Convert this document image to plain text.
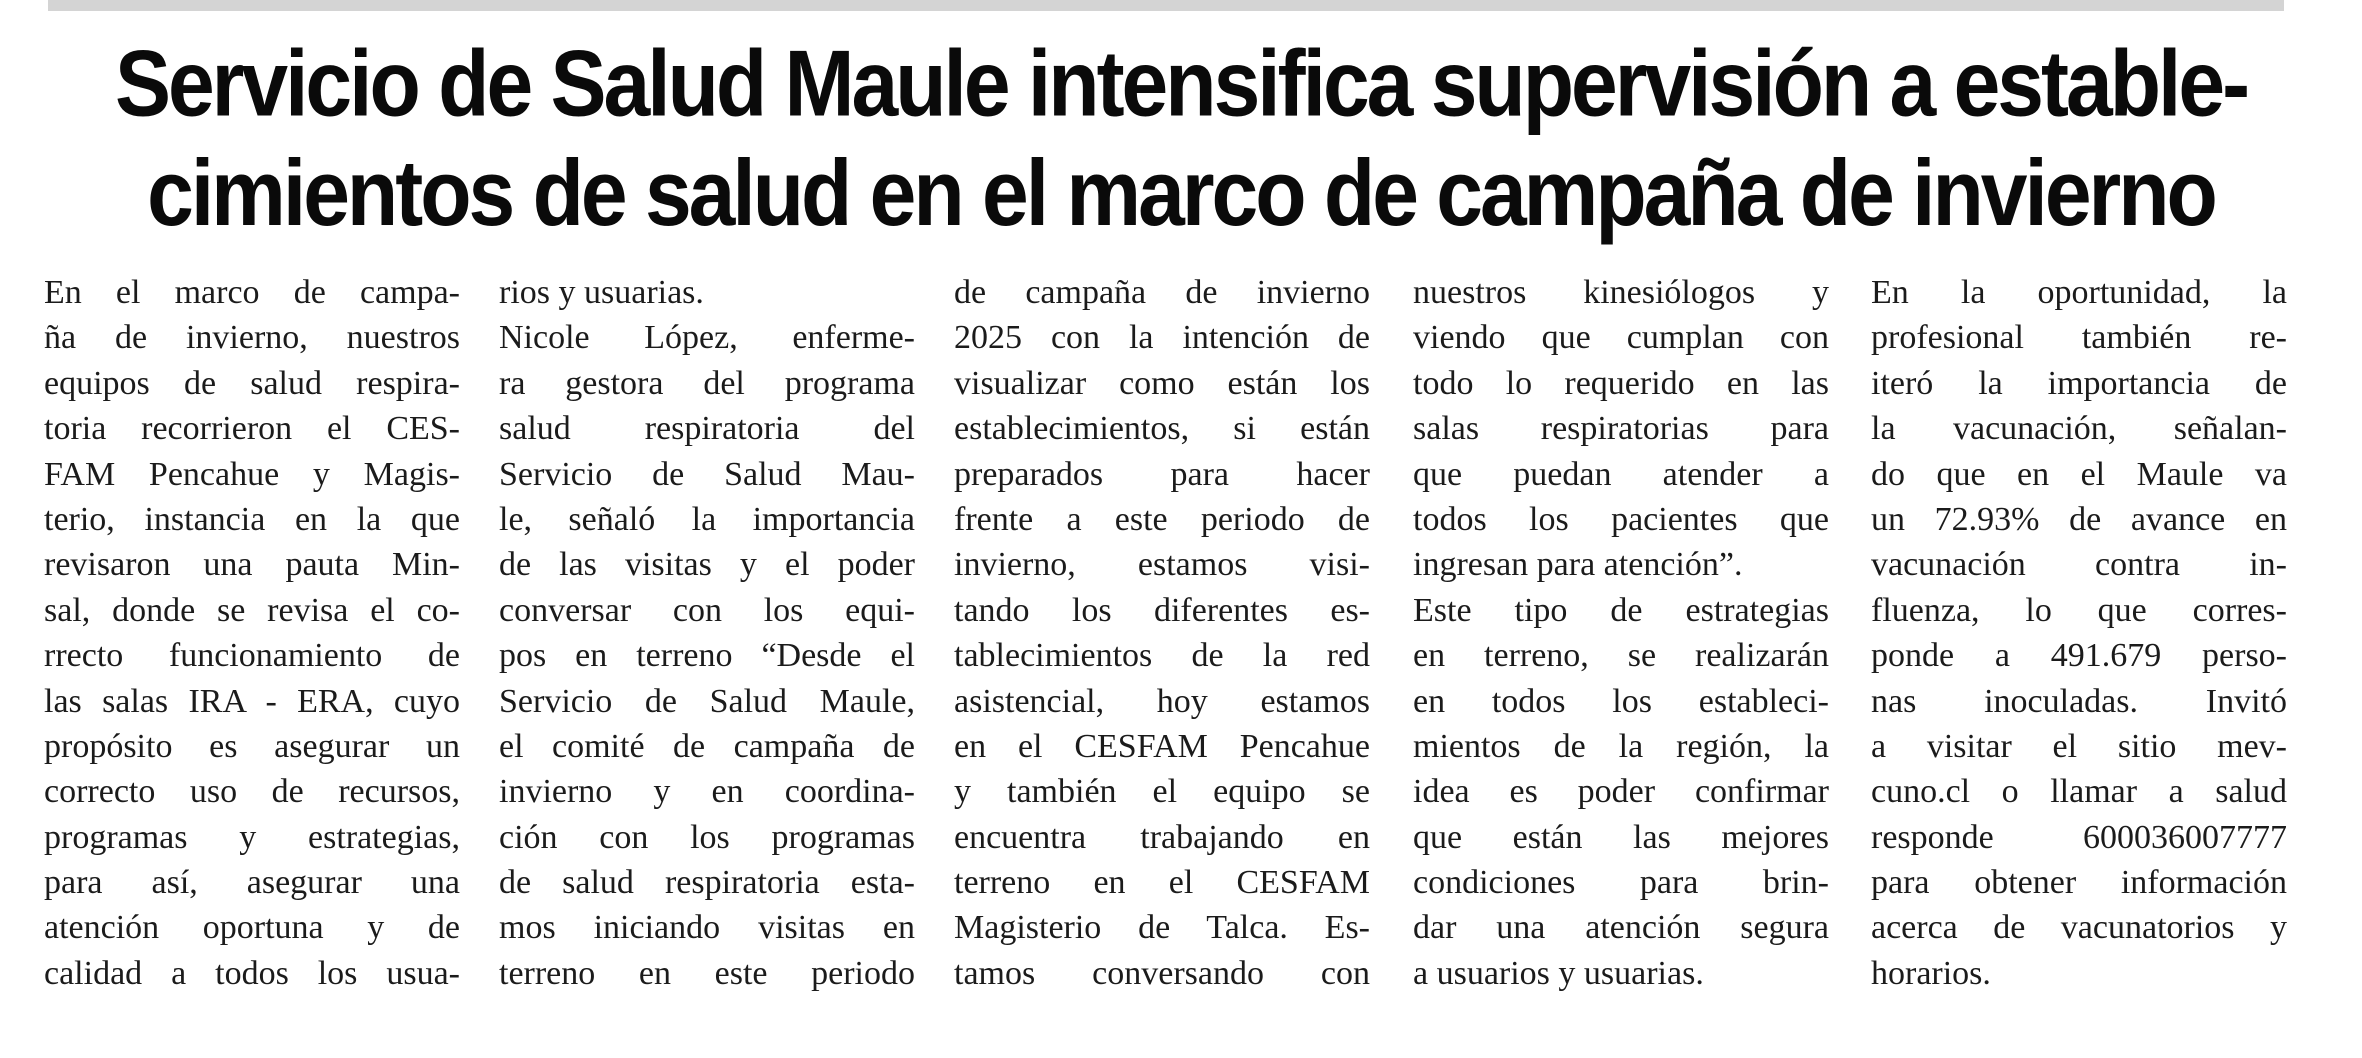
Servicio de Salud Maule intensifica supervisión a estable-
cimientos de salud en el marco de campaña de invierno
En el marco de campa-
ña de invierno, nuestros
equipos de salud respira-
toria recorrieron el CES-
FAM Pencahue y Magis-
terio, instancia en la que
revisaron una pauta Min-
sal, donde se revisa el co-
rrecto funcionamiento de
las salas IRA - ERA, cuyo
propósito es asegurar un
correcto uso de recursos,
programas y estrategias,
para así, asegurar una
atención oportuna y de
calidad a todos los usua-
rios y usuarias.
Nicole López, enferme-
ra gestora del programa
salud respiratoria del
Servicio de Salud Mau-
le, señaló la importancia
de las visitas y el poder
conversar con los equi-
pos en terreno “Desde el
Servicio de Salud Maule,
el comité de campaña de
invierno y en coordina-
ción con los programas
de salud respiratoria esta-
mos iniciando visitas en
terreno en este periodo
de campaña de invierno
2025 con la intención de
visualizar como están los
establecimientos, si están
preparados para hacer
frente a este periodo de
invierno, estamos visi-
tando los diferentes es-
tablecimientos de la red
asistencial, hoy estamos
en el CESFAM Pencahue
y también el equipo se
encuentra trabajando en
terreno en el CESFAM
Magisterio de Talca. Es-
tamos conversando con
nuestros kinesiólogos y
viendo que cumplan con
todo lo requerido en las
salas respiratorias para
que puedan atender a
todos los pacientes que
ingresan para atención”.
Este tipo de estrategias
en terreno, se realizarán
en todos los estableci-
mientos de la región, la
idea es poder confirmar
que están las mejores
condiciones para brin-
dar una atención segura
a usuarios y usuarias.
En la oportunidad, la
profesional también re-
iteró la importancia de
la vacunación, señalan-
do que en el Maule va
un 72.93% de avance en
vacunación contra in-
fluenza, lo que corres-
ponde a 491.679 perso-
nas inoculadas. Invitó
a visitar el sitio mev-
cuno.cl o llamar a salud
responde 600036007777
para obtener información
acerca de vacunatorios y
horarios.
